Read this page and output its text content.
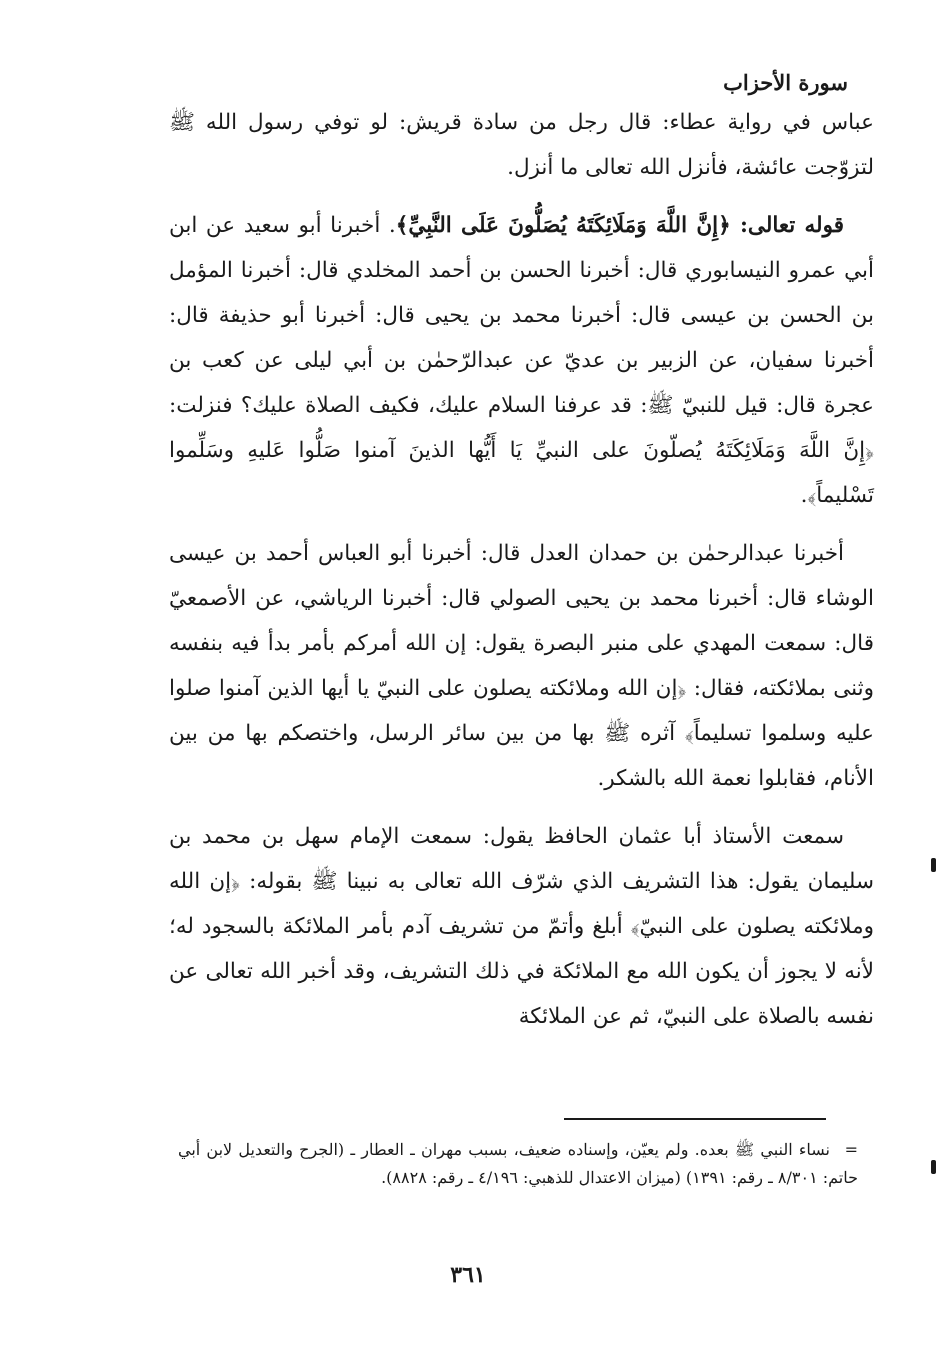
سورة الأحزاب

عباس في رواية عطاء: قال رجل من سادة قريش: لو توفي رسول الله ﷺ لتزوّجت عائشة، فأنزل الله تعالى ما أنزل.

قوله تعالى: ﴿إِنَّ اللَّهَ وَمَلَائِكَتَهُ يُصَلُّونَ عَلَى النَّبِيِّ﴾. أخبرنا أبو سعيد عن ابن أبي عمرو النيسابوري قال: أخبرنا الحسن بن أحمد المخلدي قال: أخبرنا المؤمل بن الحسن بن عيسى قال: أخبرنا محمد بن يحيى قال: أخبرنا أبو حذيفة قال: أخبرنا سفيان، عن الزبير بن عديّ عن عبدالرّحمٰن بن أبي ليلى عن كعب بن عجرة قال: قيل للنبيّ ﷺ: قد عرفنا السلام عليك، فكيف الصلاة عليك؟ فنزلت: ﴿إِنَّ اللَّهَ وَمَلَائِكَتَهُ يُصلّونَ على النبيِّ يَا أَيُّها الذينَ آمنوا صَلُّوا عَليهِ وسَلِّموا تَسْليماً﴾.

أخبرنا عبدالرحمٰن بن حمدان العدل قال: أخبرنا أبو العباس أحمد بن عيسى الوشاء قال: أخبرنا محمد بن يحيى الصولي قال: أخبرنا الرياشي، عن الأصمعيّ قال: سمعت المهدي على منبر البصرة يقول: إن الله أمركم بأمر بدأ فيه بنفسه وثنى بملائكته، فقال: ﴿إن الله وملائكته يصلون على النبيّ يا أيها الذين آمنوا صلوا عليه وسلموا تسليماً﴾ آثره ﷺ بها من بين سائر الرسل، واختصكم بها من بين الأنام، فقابلوا نعمة الله بالشكر.

سمعت الأستاذ أبا عثمان الحافظ يقول: سمعت الإمام سهل بن محمد بن سليمان يقول: هذا التشريف الذي شرّف الله تعالى به نبينا ﷺ بقوله: ﴿إن الله وملائكته يصلون على النبيّ﴾ أبلغ وأتمّ من تشريف آدم بأمر الملائكة بالسجود له؛ لأنه لا يجوز أن يكون الله مع الملائكة في ذلك التشريف، وقد أخبر الله تعالى عن نفسه بالصلاة على النبيّ، ثم عن الملائكة

=نساء النبي ﷺ بعده. ولم يعيّن، وإسناده ضعيف، بسبب مهران ـ العطار ـ (الجرح والتعديل لابن أبي حاتم: ٨/٣٠١ ـ رقم: ١٣٩١) (ميزان الاعتدال للذهبي: ٤/١٩٦ ـ رقم: ٨٨٢٨).
٣٦١
